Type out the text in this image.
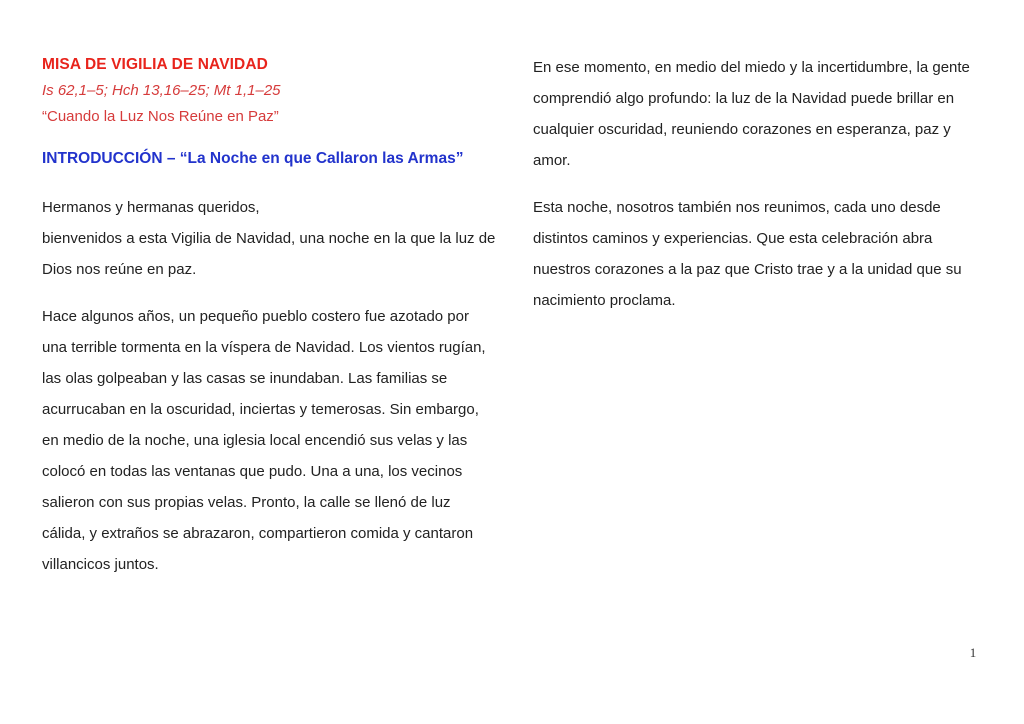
MISA DE VIGILIA DE NAVIDAD

Is 62,1–5; Hch 13,16–25; Mt 1,1–25

“Cuando la Luz Nos Reúne en Paz”

INTRODUCCIÓN – “La Noche en que Callaron las Armas”

Hermanos y hermanas queridos,
bienvenidos a esta Vigilia de Navidad, una noche en la que la luz de Dios nos reúne en paz.

Hace algunos años, un pequeño pueblo costero fue azotado por una terrible tormenta en la víspera de Navidad. Los vientos rugían, las olas golpeaban y las casas se inundaban. Las familias se acurrucaban en la oscuridad, inciertas y temerosas. Sin embargo, en medio de la noche, una iglesia local encendió sus velas y las colocó en todas las ventanas que pudo. Una a una, los vecinos salieron con sus propias velas. Pronto, la calle se llenó de luz cálida, y extraños se abrazaron, compartieron comida y cantaron villancicos juntos.

En ese momento, en medio del miedo y la incertidumbre, la gente comprendió algo profundo: la luz de la Navidad puede brillar en cualquier oscuridad, reuniendo corazones en esperanza, paz y amor.

Esta noche, nosotros también nos reunimos, cada uno desde distintos caminos y experiencias. Que esta celebración abra nuestros corazones a la paz que Cristo trae y a la unidad que su nacimiento proclama.

1
